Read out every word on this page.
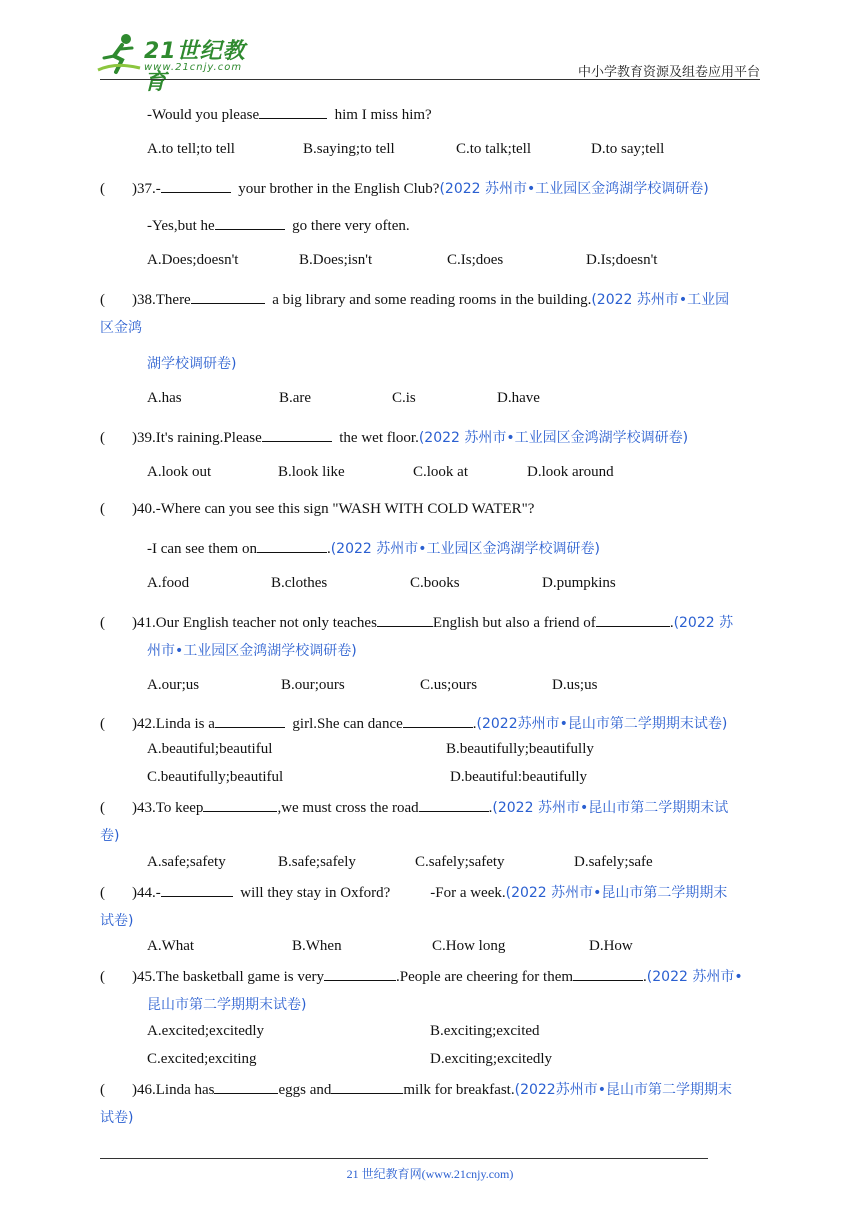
21世纪教育
www.21cnjy.com	中小学教育资源及组卷应用平台
-Would you please	him I miss him?
A.to tell;to tell	B.saying;to tell	C.to talk;tell	D.to say;tell
( )37.-	your brother in the English Club?(2022 苏州市•工业园区金鸿湖学校调研卷)
-Yes,but he	go there very often.
A.Does;doesn't	B.Does;isn't	C.Is;does	D.Is;doesn't
( )38.There	a big library and some reading rooms in the building.(2022 苏州市•工业园
区金鸿
湖学校调研卷)
A.has	B.are	C.is	D.have
( )39.It's raining.Please	the wet floor.(2022 苏州市•工业园区金鸿湖学校调研卷)
A.look out	B.look like	C.look at	D.look around
( )40.-Where can you see this sign "WASH WITH COLD WATER"?
-I can see them on	.(2022 苏州市•工业园区金鸿湖学校调研卷)
A.food	B.clothes	C.books	D.pumpkins
( )41.Our English teacher not only teaches	English but also a friend of	.(2022 苏
州市•工业园区金鸿湖学校调研卷)
A.our;us	B.our;ours	C.us;ours	D.us;us
( )42.Linda is a	girl.She can dance	.(2022苏州市•昆山市第二学期期末试卷)
A.beautiful;beautiful	B.beautifully;beautifully
C.beautifully;beautiful	D.beautiful:beautifully
( )43.To keep	,we must cross the road	.(2022 苏州市•昆山市第二学期期末试
卷)
A.safe;safety	B.safe;safely	C.safely;safety	D.safely;safe
( )44.-	will they stay in Oxford?	-For a week.(2022 苏州市•昆山市第二学期期末
试卷)
A.What	B.When	C.How long	D.How
( )45.The basketball game is very	.People are cheering for them	.(2022 苏州市•
昆山市第二学期期末试卷)
A.excited;excitedly	B.exciting;excited
C.excited;exciting	D.exciting;excitedly
( )46.Linda has	eggs and	milk for breakfast.(2022苏州市•昆山市第二学期期末
试卷)
21 世纪教育网(www.21cnjy.com)
